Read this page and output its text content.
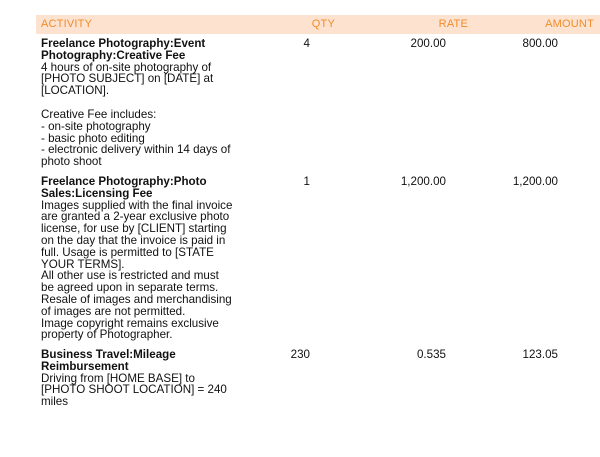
ACTIVITY	QTY	RATE	AMOUNT
Freelance Photography:Event
Photography:Creative Fee
4 hours of on-site photography of
[PHOTO SUBJECT] on [DATE] at
[LOCATION].
Creative Fee includes:
- on-site photography
- basic photo editing
- electronic delivery within 14 days of
photo shoot
4	200.00	800.00
Freelance Photography:Photo
Sales:Licensing Fee
Images supplied with the final invoice
are granted a 2-year exclusive photo
license, for use by [CLIENT] starting
on the day that the invoice is paid in
full. Usage is permitted to [STATE
YOUR TERMS].
All other use is restricted and must
be agreed upon in separate terms.
Resale of images and merchandising
of images are not permitted.
Image copyright remains exclusive
property of Photographer.
1	1,200.00	1,200.00
Business Travel:Mileage
Reimbursement
Driving from [HOME BASE] to
[PHOTO SHOOT LOCATION] = 240
miles
230	0.535	123.05
